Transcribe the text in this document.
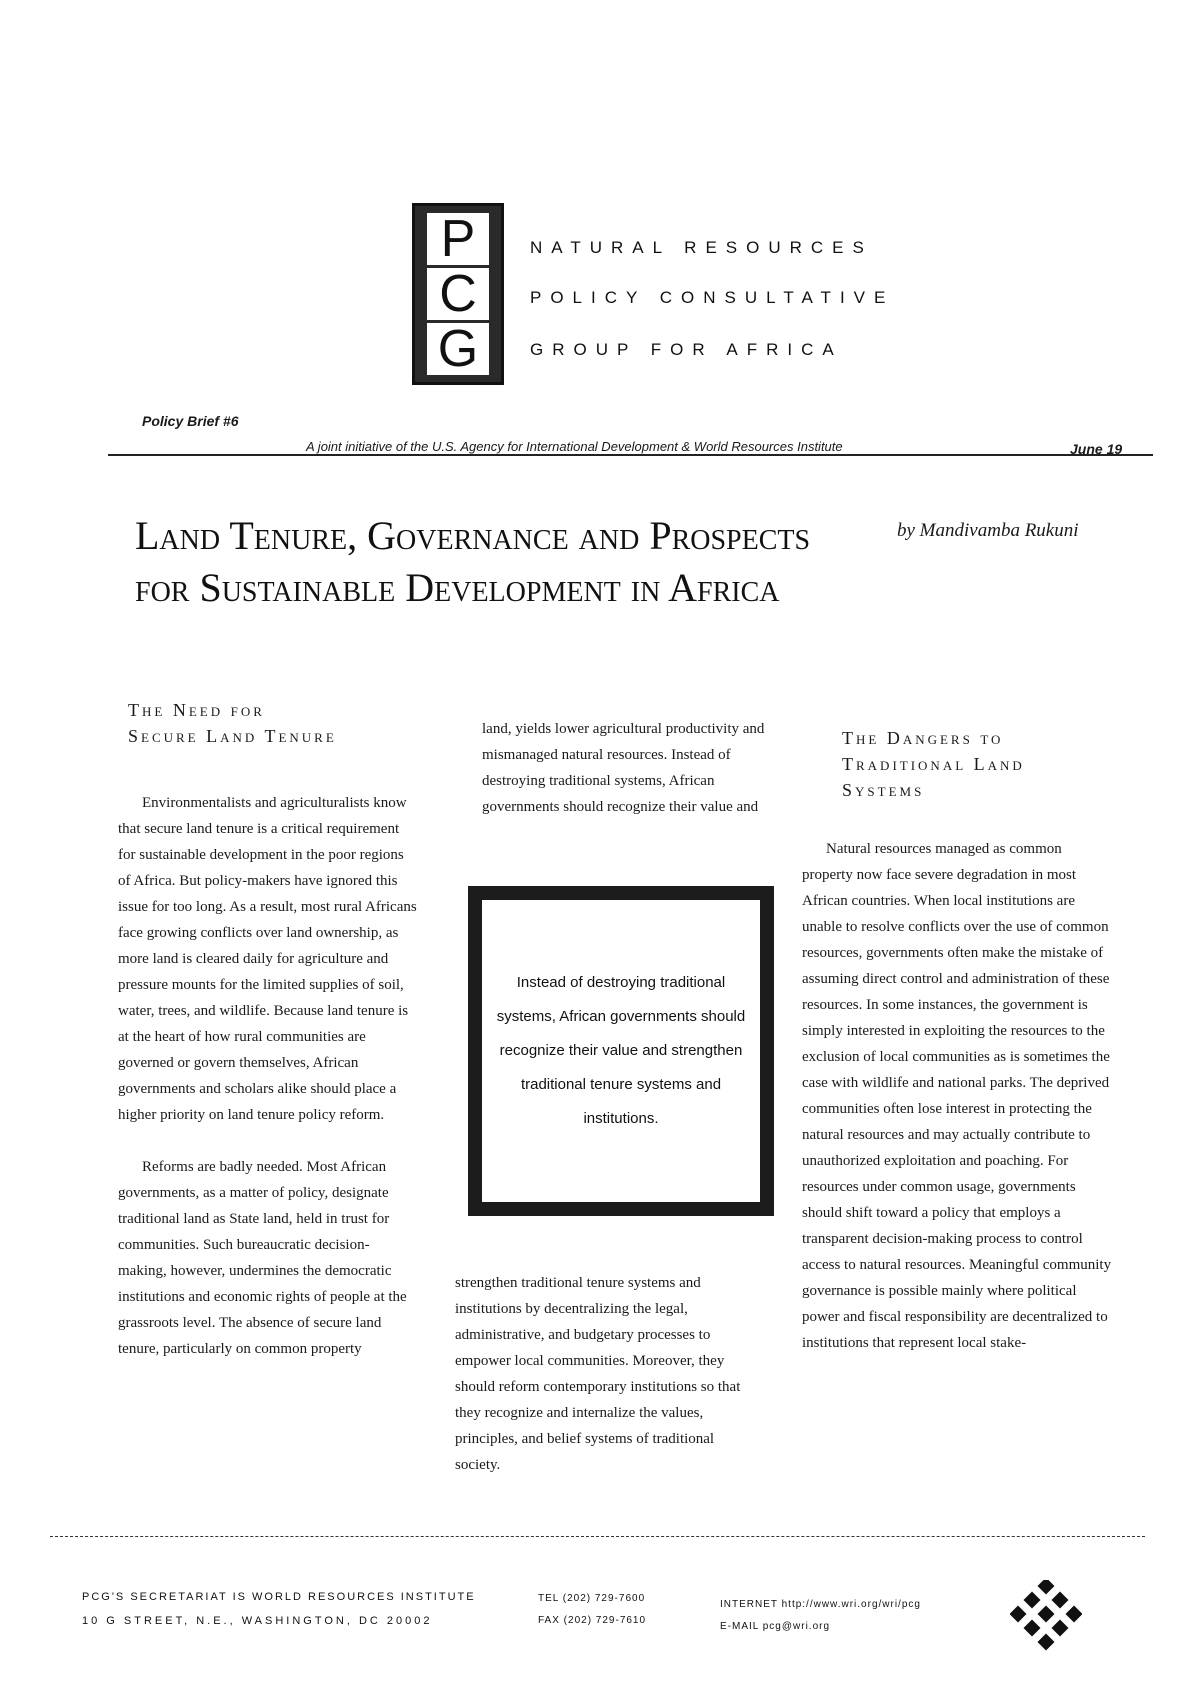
P
C
G
NATURAL RESOURCES
POLICY CONSULTATIVE
GROUP FOR AFRICA
Policy Brief #6
A joint initiative of the U.S. Agency for International Development & World Resources Institute	June 19
Land Tenure, Governance and Prospects for Sustainable Development in Africa
by Mandivamba Rukuni
The Need for
Secure Land Tenure

Environmentalists and agriculturalists know that secure land tenure is a critical requirement for sustainable development in the poor regions of Africa. But policy-makers have ignored this issue for too long. As a result, most rural Africans face growing conflicts over land ownership, as more land is cleared daily for agriculture and pressure mounts for the limited supplies of soil, water, trees, and wildlife. Because land tenure is at the heart of how rural communities are governed or govern themselves, African governments and scholars alike should place a higher priority on land tenure policy reform.

Reforms are badly needed. Most African governments, as a matter of policy, designate traditional land as State land, held in trust for communities. Such bureaucratic decision-making, however, undermines the democratic institutions and economic rights of people at the grassroots level. The absence of secure land tenure, particularly on common property

land, yields lower agricultural productivity and mismanaged natural resources. Instead of destroying traditional systems, African governments should recognize their value and

Instead of destroying traditional systems, African governments should recognize their value and strengthen traditional tenure systems and institutions.

strengthen traditional tenure systems and institutions by decentralizing the legal, administrative, and budgetary processes to empower local communities. Moreover, they should reform contemporary institutions so that they recognize and internalize the values, principles, and belief systems of traditional society.

The Dangers to
Traditional Land
Systems

Natural resources managed as common property now face severe degradation in most African countries. When local institutions are unable to resolve conflicts over the use of common resources, governments often make the mistake of assuming direct control and administration of these resources. In some instances, the government is simply interested in exploiting the resources to the exclusion of local communities as is sometimes the case with wildlife and national parks. The deprived communities often lose interest in protecting the natural resources and may actually contribute to unauthorized exploitation and poaching. For resources under common usage, governments should shift toward a policy that employs a transparent decision-making process to control access to natural resources. Meaningful community governance is possible mainly where political power and fiscal responsibility are decentralized to institutions that represent local stake-

PCG'S SECRETARIAT IS WORLD RESOURCES INSTITUTE
10 G STREET, N.E., WASHINGTON, DC 20002
TEL (202) 729-7600
FAX (202) 729-7610
INTERNET http://www.wri.org/wri/pcg
E-MAIL pcg@wri.org
